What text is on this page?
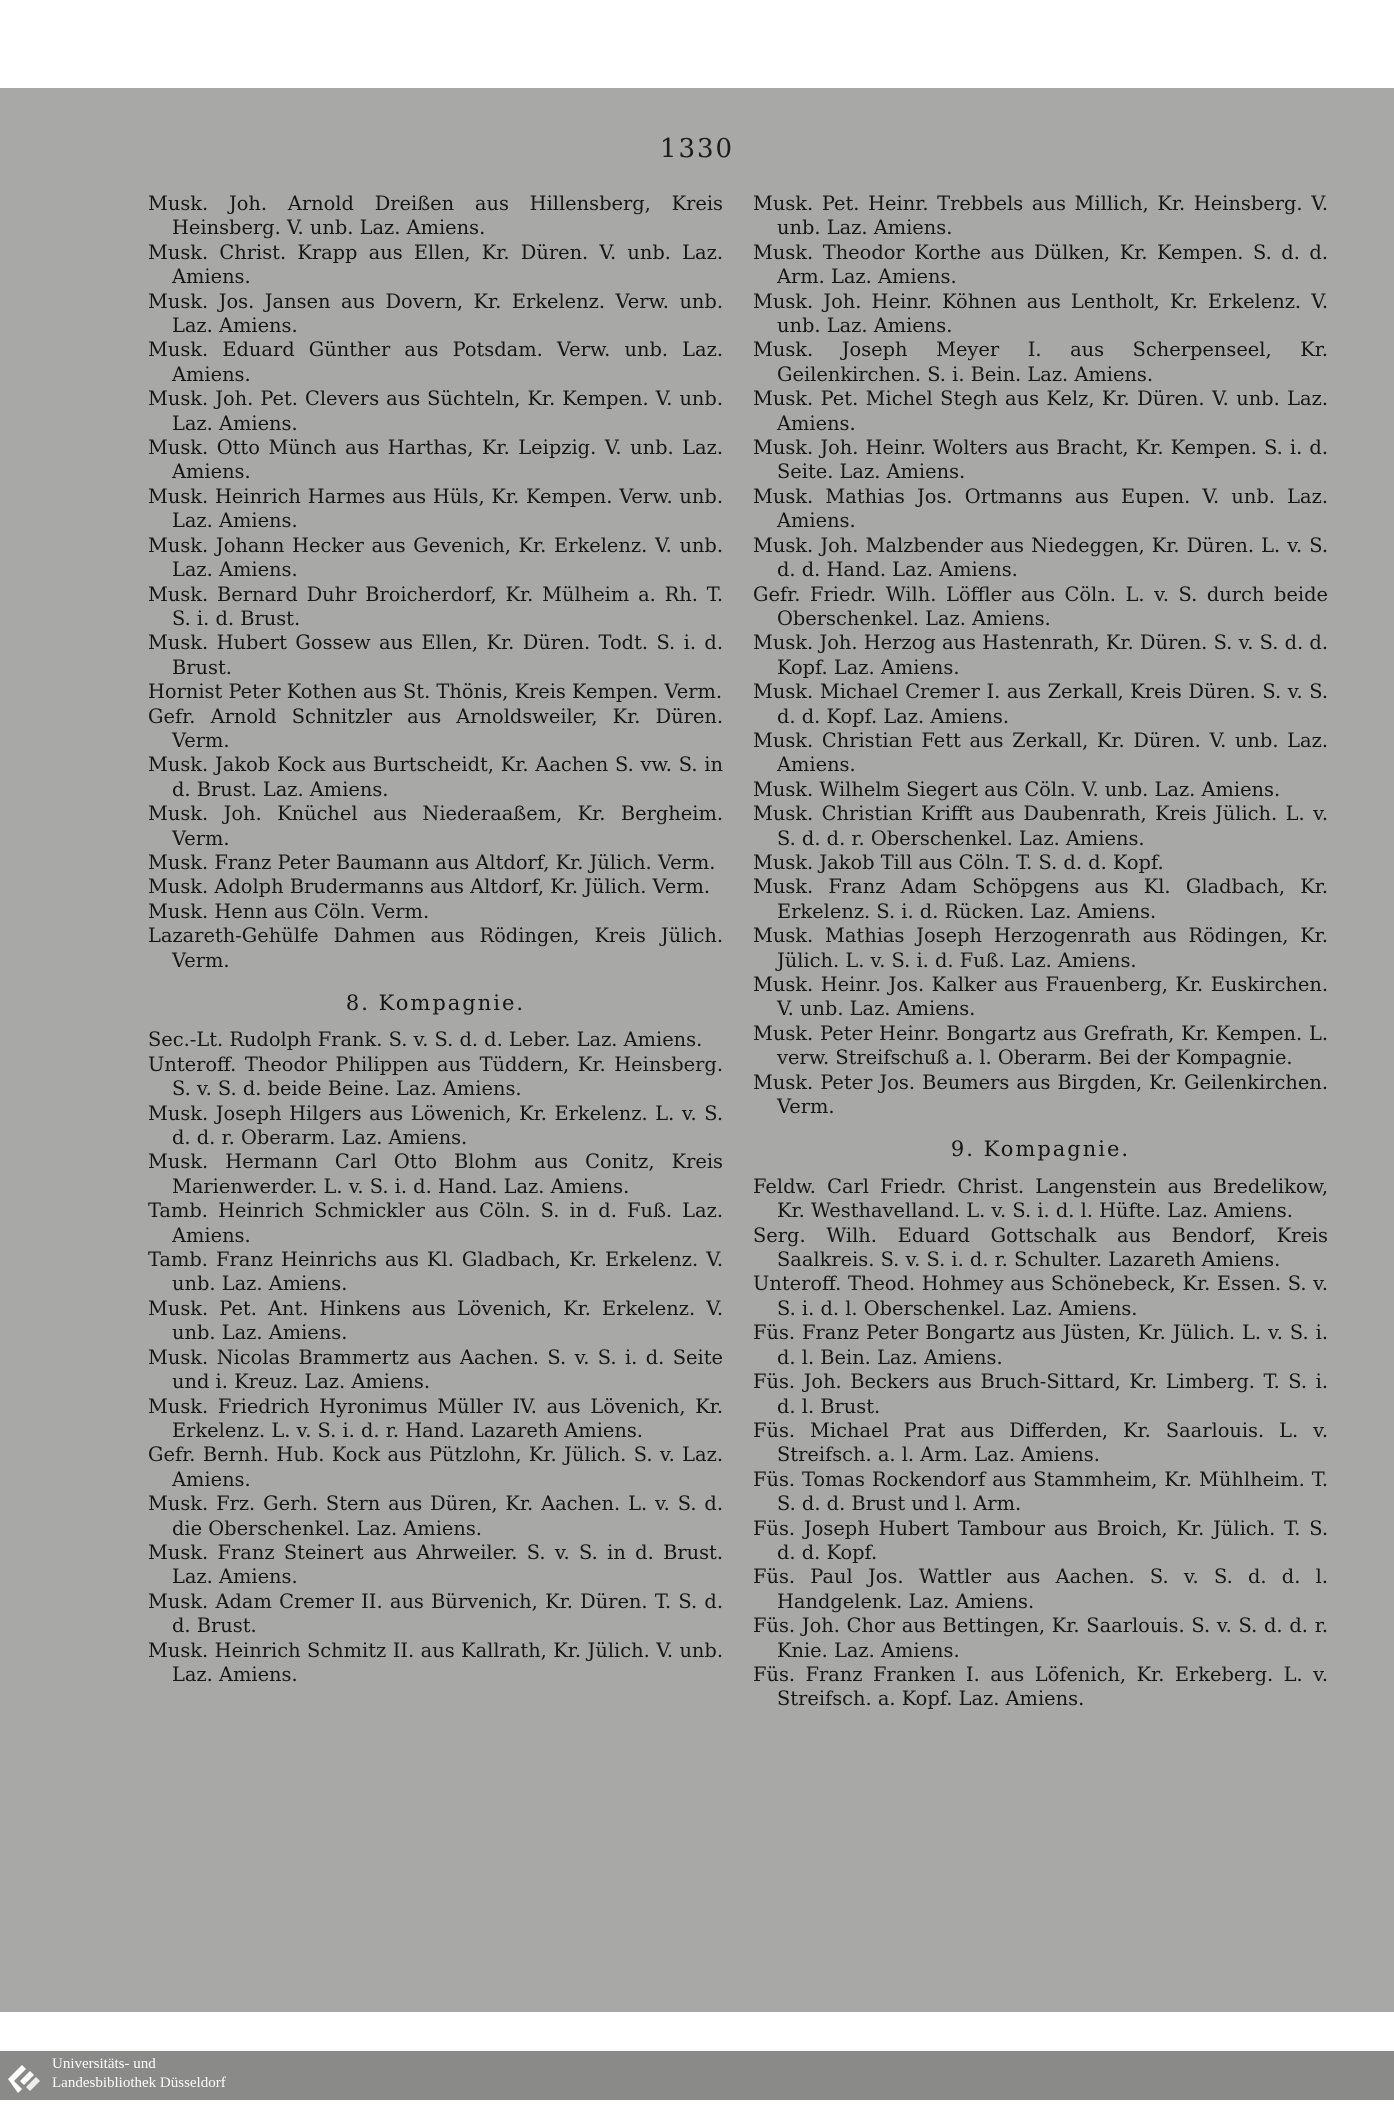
1330

Musk. Joh. Arnold Dreißen aus Hillensberg, Kreis Heinsberg. V. unb. Laz. Amiens.

Musk. Christ. Krapp aus Ellen, Kr. Düren. V. unb. Laz. Amiens.

Musk. Jos. Jansen aus Dovern, Kr. Erkelenz. Verw. unb. Laz. Amiens.

Musk. Eduard Günther aus Potsdam. Verw. unb. Laz. Amiens.

Musk. Joh. Pet. Clevers aus Süchteln, Kr. Kempen. V. unb. Laz. Amiens.

Musk. Otto Münch aus Harthas, Kr. Leipzig. V. unb. Laz. Amiens.

Musk. Heinrich Harmes aus Hüls, Kr. Kempen. Verw. unb. Laz. Amiens.

Musk. Johann Hecker aus Gevenich, Kr. Erkelenz. V. unb. Laz. Amiens.

Musk. Bernard Duhr Broicherdorf, Kr. Mülheim a. Rh. T. S. i. d. Brust.

Musk. Hubert Gossew aus Ellen, Kr. Düren. Todt. S. i. d. Brust.

Hornist Peter Kothen aus St. Thönis, Kreis Kempen. Verm.

Gefr. Arnold Schnitzler aus Arnoldsweiler, Kr. Düren. Verm.

Musk. Jakob Kock aus Burtscheidt, Kr. Aachen S. vw. S. in d. Brust. Laz. Amiens.

Musk. Joh. Knüchel aus Niederaaßem, Kr. Bergheim. Verm.

Musk. Franz Peter Baumann aus Altdorf, Kr. Jülich. Verm.

Musk. Adolph Brudermanns aus Altdorf, Kr. Jülich. Verm.

Musk. Henn aus Cöln. Verm.

Lazareth-Gehülfe Dahmen aus Rödingen, Kreis Jülich. Verm.

8. Kompagnie.

Sec.-Lt. Rudolph Frank. S. v. S. d. d. Leber. Laz. Amiens.

Unteroff. Theodor Philippen aus Tüddern, Kr. Heinsberg. S. v. S. d. beide Beine. Laz. Amiens.

Musk. Joseph Hilgers aus Löwenich, Kr. Erkelenz. L. v. S. d. d. r. Oberarm. Laz. Amiens.

Musk. Hermann Carl Otto Blohm aus Conitz, Kreis Marienwerder. L. v. S. i. d. Hand. Laz. Amiens.

Tamb. Heinrich Schmickler aus Cöln. S. in d. Fuß. Laz. Amiens.

Tamb. Franz Heinrichs aus Kl. Gladbach, Kr. Erkelenz. V. unb. Laz. Amiens.

Musk. Pet. Ant. Hinkens aus Lövenich, Kr. Erkelenz. V. unb. Laz. Amiens.

Musk. Nicolas Brammertz aus Aachen. S. v. S. i. d. Seite und i. Kreuz. Laz. Amiens.

Musk. Friedrich Hyronimus Müller IV. aus Lövenich, Kr. Erkelenz. L. v. S. i. d. r. Hand. Lazareth Amiens.

Gefr. Bernh. Hub. Kock aus Pützlohn, Kr. Jülich. S. v. Laz. Amiens.

Musk. Frz. Gerh. Stern aus Düren, Kr. Aachen. L. v. S. d. die Oberschenkel. Laz. Amiens.

Musk. Franz Steinert aus Ahrweiler. S. v. S. in d. Brust. Laz. Amiens.

Musk. Adam Cremer II. aus Bürvenich, Kr. Düren. T. S. d. d. Brust.

Musk. Heinrich Schmitz II. aus Kallrath, Kr. Jülich. V. unb. Laz. Amiens.

Musk. Pet. Heinr. Trebbels aus Millich, Kr. Heinsberg. V. unb. Laz. Amiens.

Musk. Theodor Korthe aus Dülken, Kr. Kempen. S. d. d. Arm. Laz. Amiens.

Musk. Joh. Heinr. Köhnen aus Lentholt, Kr. Erkelenz. V. unb. Laz. Amiens.

Musk. Joseph Meyer I. aus Scherpenseel, Kr. Geilenkirchen. S. i. Bein. Laz. Amiens.

Musk. Pet. Michel Stegh aus Kelz, Kr. Düren. V. unb. Laz. Amiens.

Musk. Joh. Heinr. Wolters aus Bracht, Kr. Kempen. S. i. d. Seite. Laz. Amiens.

Musk. Mathias Jos. Ortmanns aus Eupen. V. unb. Laz. Amiens.

Musk. Joh. Malzbender aus Niedeggen, Kr. Düren. L. v. S. d. d. Hand. Laz. Amiens.

Gefr. Friedr. Wilh. Löffler aus Cöln. L. v. S. durch beide Oberschenkel. Laz. Amiens.

Musk. Joh. Herzog aus Hastenrath, Kr. Düren. S. v. S. d. d. Kopf. Laz. Amiens.

Musk. Michael Cremer I. aus Zerkall, Kreis Düren. S. v. S. d. d. Kopf. Laz. Amiens.

Musk. Christian Fett aus Zerkall, Kr. Düren. V. unb. Laz. Amiens.

Musk. Wilhelm Siegert aus Cöln. V. unb. Laz. Amiens.

Musk. Christian Krifft aus Daubenrath, Kreis Jülich. L. v. S. d. d. r. Oberschenkel. Laz. Amiens.

Musk. Jakob Till aus Cöln. T. S. d. d. Kopf.

Musk. Franz Adam Schöpgens aus Kl. Gladbach, Kr. Erkelenz. S. i. d. Rücken. Laz. Amiens.

Musk. Mathias Joseph Herzogenrath aus Rödingen, Kr. Jülich. L. v. S. i. d. Fuß. Laz. Amiens.

Musk. Heinr. Jos. Kalker aus Frauenberg, Kr. Euskirchen. V. unb. Laz. Amiens.

Musk. Peter Heinr. Bongartz aus Grefrath, Kr. Kempen. L. verw. Streifschuß a. l. Oberarm. Bei der Kompagnie.

Musk. Peter Jos. Beumers aus Birgden, Kr. Geilenkirchen. Verm.

9. Kompagnie.

Feldw. Carl Friedr. Christ. Langenstein aus Bredelikow, Kr. Westhavelland. L. v. S. i. d. l. Hüfte. Laz. Amiens.

Serg. Wilh. Eduard Gottschalk aus Bendorf, Kreis Saalkreis. S. v. S. i. d. r. Schulter. Lazareth Amiens.

Unteroff. Theod. Hohmey aus Schönebeck, Kr. Essen. S. v. S. i. d. l. Oberschenkel. Laz. Amiens.

Füs. Franz Peter Bongartz aus Jüsten, Kr. Jülich. L. v. S. i. d. l. Bein. Laz. Amiens.

Füs. Joh. Beckers aus Bruch-Sittard, Kr. Limberg. T. S. i. d. l. Brust.

Füs. Michael Prat aus Differden, Kr. Saarlouis. L. v. Streifsch. a. l. Arm. Laz. Amiens.

Füs. Tomas Rockendorf aus Stammheim, Kr. Mühlheim. T. S. d. d. Brust und l. Arm.

Füs. Joseph Hubert Tambour aus Broich, Kr. Jülich. T. S. d. d. Kopf.

Füs. Paul Jos. Wattler aus Aachen. S. v. S. d. d. l. Handgelenk. Laz. Amiens.

Füs. Joh. Chor aus Bettingen, Kr. Saarlouis. S. v. S. d. d. r. Knie. Laz. Amiens.

Füs. Franz Franken I. aus Löfenich, Kr. Erkeberg. L. v. Streifsch. a. Kopf. Laz. Amiens.

Universitäts- und
Landesbibliothek Düsseldorf
